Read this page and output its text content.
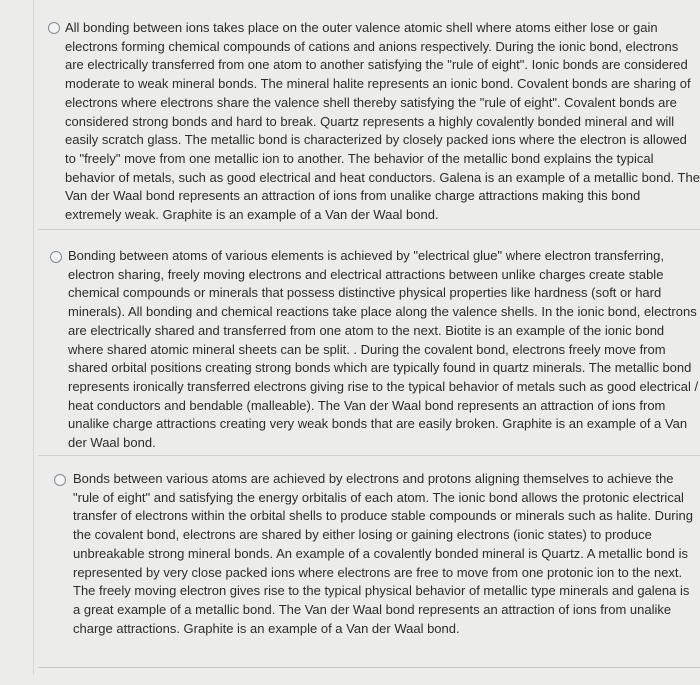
All bonding between ions takes place on the outer valence atomic shell where atoms either lose or gain electrons forming chemical compounds of cations and anions respectively. During the ionic bond, electrons are electrically transferred from one atom to another satisfying the "rule of eight". Ionic bonds are considered moderate to weak mineral bonds. The mineral halite represents an ionic bond. Covalent bonds are sharing of electrons where electrons share the valence shell thereby satisfying the "rule of eight". Covalent bonds are considered strong bonds and hard to break. Quartz represents a highly covalently bonded mineral and will easily scratch glass. The metallic bond is characterized by closely packed ions where the electron is allowed to "freely" move from one metallic ion to another. The behavior of the metallic bond explains the typical behavior of metals, such as good electrical and heat conductors. Galena is an example of a metallic bond. The Van der Waal bond represents an attraction of ions from unalike charge attractions making this bond extremely weak. Graphite is an example of a Van der Waal bond.
Bonding between atoms of various elements is achieved by "electrical glue" where electron transferring, electron sharing, freely moving electrons and electrical attractions between unlike charges create stable chemical compounds or minerals that possess distinctive physical properties like hardness (soft or hard minerals). All bonding and chemical reactions take place along the valence shells. In the ionic bond, electrons are electrically shared and transferred from one atom to the next. Biotite is an example of the ionic bond where shared atomic mineral sheets can be split. . During the covalent bond, electrons freely move from shared orbital positions creating strong bonds which are typically found in quartz minerals. The metallic bond represents ironically transferred electrons giving rise to the typical behavior of metals such as good electrical / heat conductors and bendable (malleable). The Van der Waal bond represents an attraction of ions from unalike charge attractions creating very weak bonds that are easily broken. Graphite is an example of a Van der Waal bond.
Bonds between various atoms are achieved by electrons and protons aligning themselves to achieve the "rule of eight" and satisfying the energy orbitalis of each atom. The ionic bond allows the protonic electrical transfer of electrons within the orbital shells to produce stable compounds or minerals such as halite. During the covalent bond, electrons are shared by either losing or gaining electrons (ionic states) to produce unbreakable strong mineral bonds. An example of a covalently bonded mineral is Quartz. A metallic bond is represented by very close packed ions where electrons are free to move from one protonic ion to the next. The freely moving electron gives rise to the typical physical behavior of metallic type minerals and galena is a great example of a metallic bond. The Van der Waal bond represents an attraction of ions from unalike charge attractions. Graphite is an example of a Van der Waal bond.
